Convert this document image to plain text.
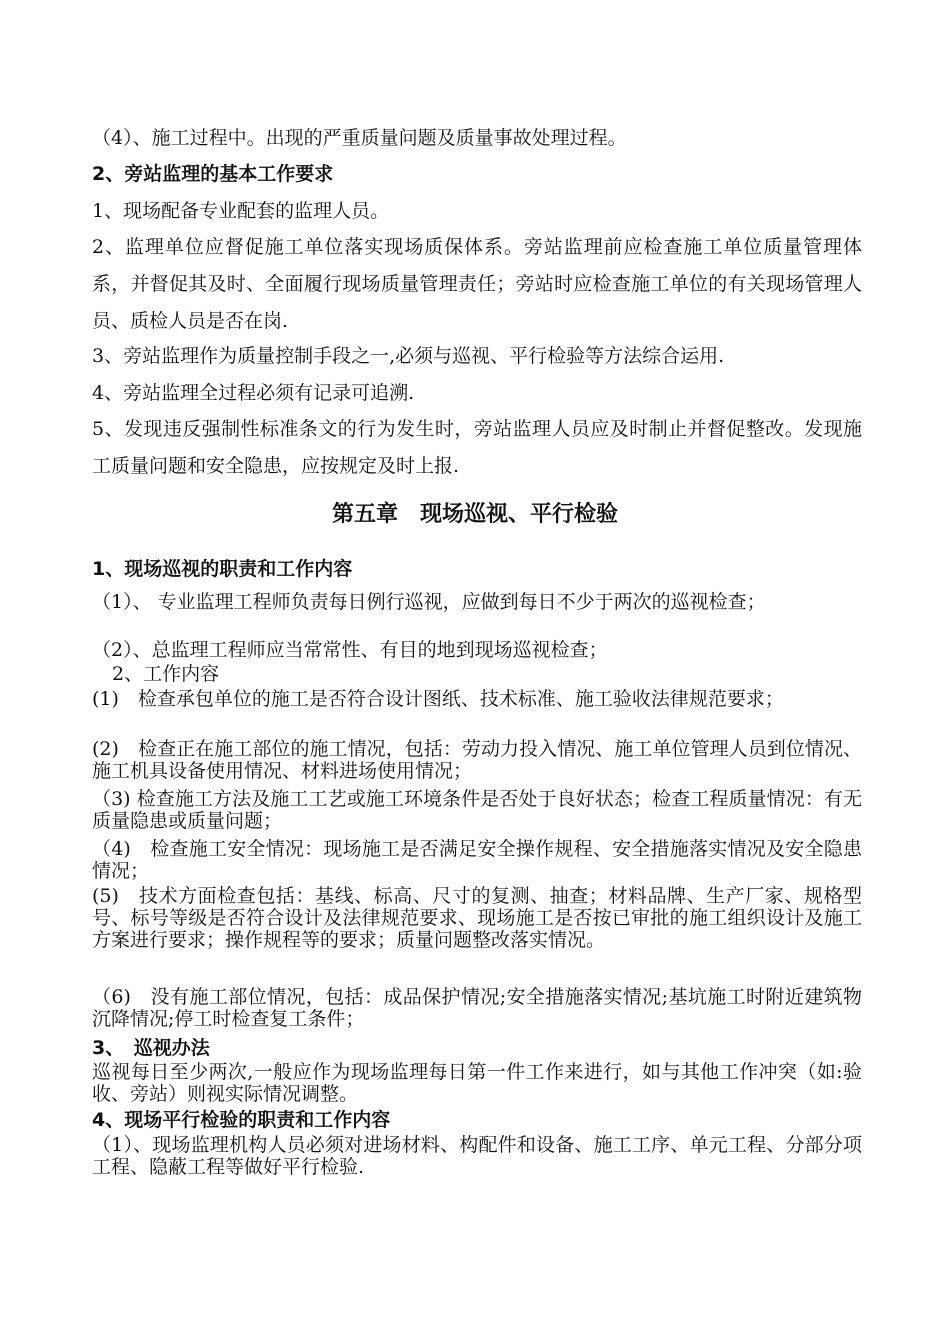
（4）、施工过程中。出现的严重质量问题及质量事故处理过程。
2、旁站监理的基本工作要求
1、现场配备专业配套的监理人员。
2、监理单位应督促施工单位落实现场质保体系。旁站监理前应检查施工单位质量管理体系，并督促其及时、全面履行现场质量管理责任；旁站时应检查施工单位的有关现场管理人员、质检人员是否在岗.
3、旁站监理作为质量控制手段之一,必须与巡视、平行检验等方法综合运用.
4、旁站监理全过程必须有记录可追溯.
5、发现违反强制性标准条文的行为发生时，旁站监理人员应及时制止并督促整改。发现施工质量问题和安全隐患，应按规定及时上报.
第五章　现场巡视、平行检验
1、现场巡视的职责和工作内容
（1）、 专业监理工程师负责每日例行巡视，应做到每日不少于两次的巡视检查；
（2）、总监理工程师应当常常性、有目的地到现场巡视检查；
2、工作内容
(1)　检查承包单位的施工是否符合设计图纸、技术标准、施工验收法律规范要求；
(2)　检查正在施工部位的施工情况，包括：劳动力投入情况、施工单位管理人员到位情况、施工机具设备使用情况、材料进场使用情况；
（3) 检查施工方法及施工工艺或施工环境条件是否处于良好状态；检查工程质量情况：有无质量隐患或质量问题；
（4)　检查施工安全情况：现场施工是否满足安全操作规程、安全措施落实情况及安全隐患情况；
(5)　技术方面检查包括：基线、标高、尺寸的复测、抽查；材料品牌、生产厂家、规格型号、标号等级是否符合设计及法律规范要求、现场施工是否按已审批的施工组织设计及施工方案进行要求；操作规程等的要求；质量问题整改落实情况。
（6)　没有施工部位情况，包括：成品保护情况;安全措施落实情况;基坑施工时附近建筑物沉降情况;停工时检查复工条件；
3、　巡视办法
巡视每日至少两次,一般应作为现场监理每日第一件工作来进行，如与其他工作冲突（如:验收、旁站）则视实际情况调整。
4、现场平行检验的职责和工作内容
（1）、现场监理机构人员必须对进场材料、构配件和设备、施工工序、单元工程、分部分项工程、隐蔽工程等做好平行检验.
